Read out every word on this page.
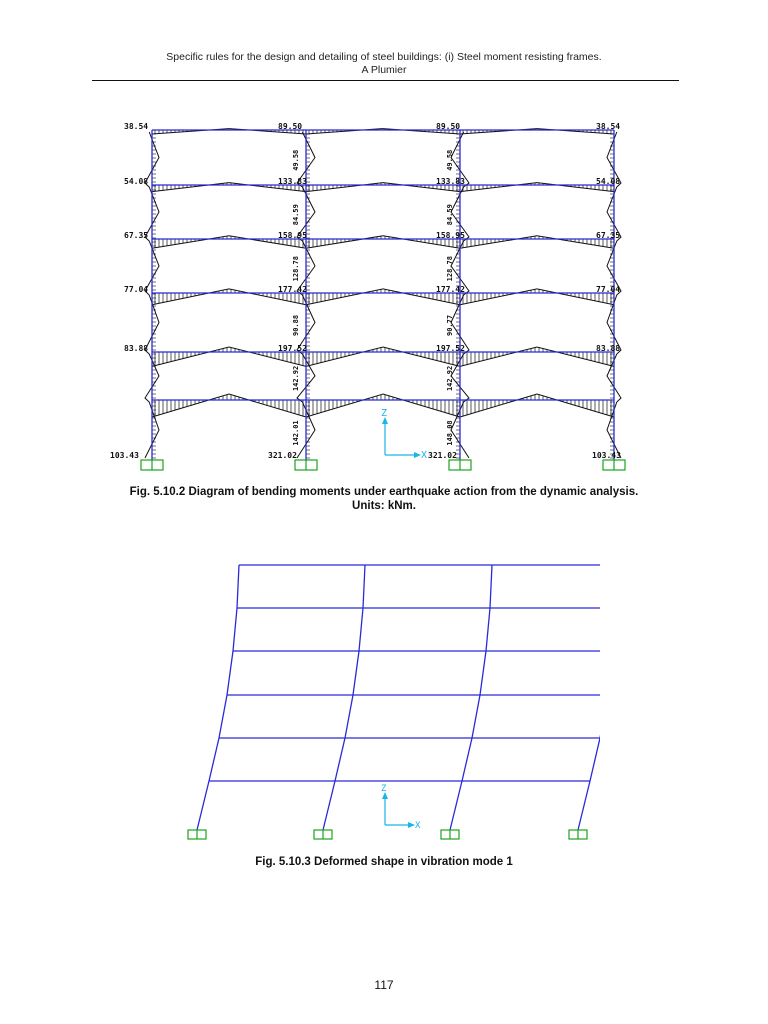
Specific rules for the design and detailing of steel buildings: (i) Steel moment resisting frames.
A Plumier
38.54
54.08
67.35
77.04
83.88
89.50
133.83
158.95
177.42
197.52
89.50
133.83
158.95
177.42
197.52
38.54
54.08
67.35
77.04
83.88
49.58
84.59
128.78
90.88
142.92
142.01
49.58
84.59
128.78
90.77
142.92
148.08
103.43	321.02	321.02	103.43
Z
X
Fig. 5.10.2 Diagram of bending moments under earthquake action from the dynamic analysis.
Units: kNm.
Z
X
Fig. 5.10.3 Deformed shape in vibration mode 1
117
